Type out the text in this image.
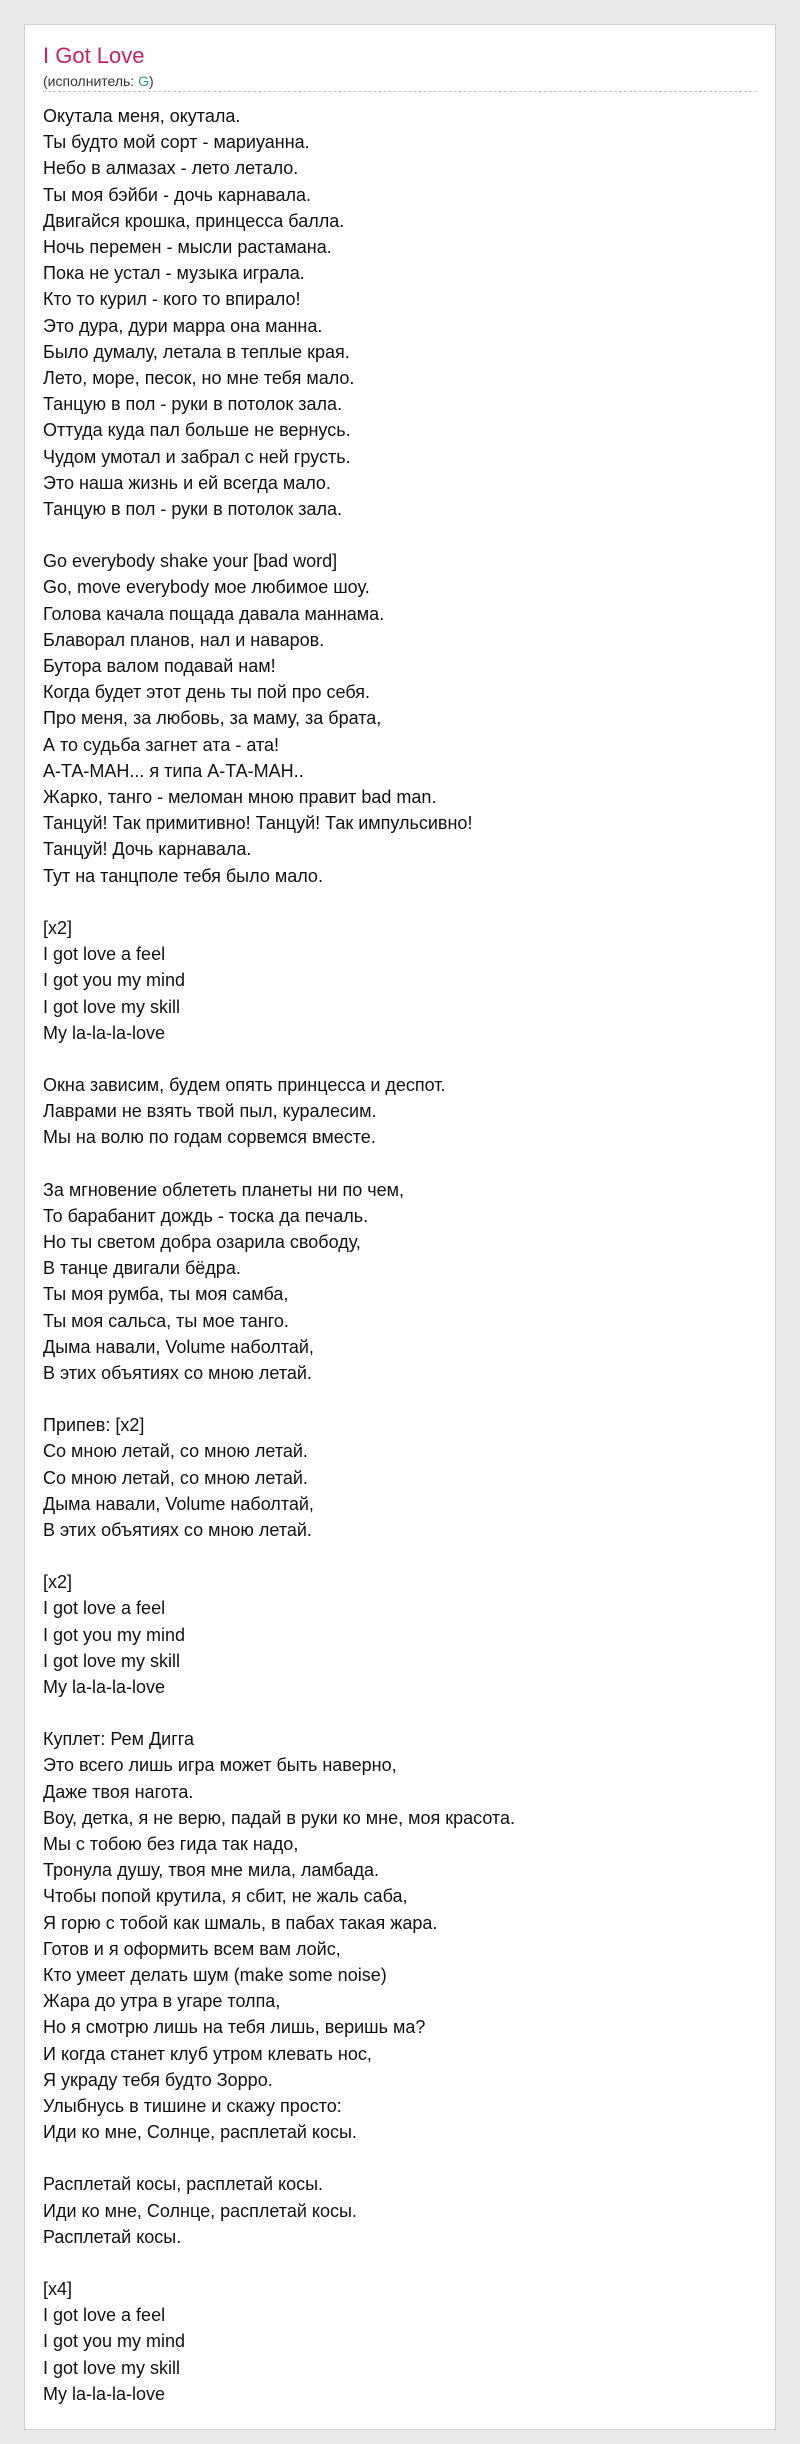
I Got Love

(исполнитель: G)

Окутала меня, окутала.
Ты будто мой сорт - мариуанна.
Небо в алмазах - лето летало.
Ты моя бэйби - дочь карнавала.
Двигайся крошка, принцесса балла.
Ночь перемен - мысли растамана.
Пока не устал - музыка играла.
Кто то курил - кого то впирало!
Это дура, дури марра она манна.
Было думалу, летала в теплые края.
Лето, море, песок, но мне тебя мало.
Танцую в пол - руки в потолок зала.
Оттуда куда пал больше не вернусь.
Чудом умотал и забрал с ней грусть.
Это наша жизнь и ей всегда мало.
Танцую в пол - руки в потолок зала.
Go everybody shake your [bad word]
Go, move everybody мое любимое шоу.
Голова качала пощада давала маннама.
Блаворал планов, нал и наваров.
Бутора валом подавай нам!
Когда будет этот день ты пой про себя.
Про меня, за любовь, за маму, за брата,
А то судьба загнет ата - ата!
А-ТА-МАН... я типа А-ТА-МАН..
Жарко, танго - меломан мною правит bad man.
Танцуй! Так примитивно! Танцуй! Так импульсивно!
Танцуй! Дочь карнавала.
Тут на танцполе тебя было мало.
[x2]
I got love a feel
I got you my mind
I got love my skill
My la-la-la-love
Окна зависим, будем опять принцесса и деспот.
Лаврами не взять твой пыл, куралесим.
Мы на волю по годам сорвемся вместе.
За мгновение облететь планеты ни по чем,
То барабанит дождь - тоска да печаль.
Но ты светом добра озарила свободу,
В танце двигали бёдра.
Ты моя румба, ты моя самба,
Ты моя сальса, ты мое танго.
Дыма навали, Volume наболтай,
В этих объятиях со мною летай.
Припев: [x2]
Со мною летай, со мною летай.
Со мною летай, со мною летай.
Дыма навали, Volume наболтай,
В этих объятиях со мною летай.
[x2]
I got love a feel
I got you my mind
I got love my skill
My la-la-la-love
Куплет: Рем Дигга
Это всего лишь игра может быть наверно,
Даже твоя нагота.
Воу, детка, я не верю, падай в руки ко мне, моя красота.
Мы с тобою без гида так надо,
Тронула душу, твоя мне мила, ламбада.
Чтобы попой крутила, я сбит, не жаль саба,
Я горю с тобой как шмаль, в пабах такая жара.
Готов и я оформить всем вам лойс,
Кто умеет делать шум (make some noise)
Жара до утра в угаре толпа,
Но я смотрю лишь на тебя лишь, веришь ма?
И когда станет клуб утром клевать нос,
Я украду тебя будто Зорро.
Улыбнусь в тишине и скажу просто:
Иди ко мне, Солнце, расплетай косы.
Расплетай косы, расплетай косы.
Иди ко мне, Солнце, расплетай косы.
Расплетай косы.
[x4]
I got love a feel
I got you my mind
I got love my skill
My la-la-la-love
